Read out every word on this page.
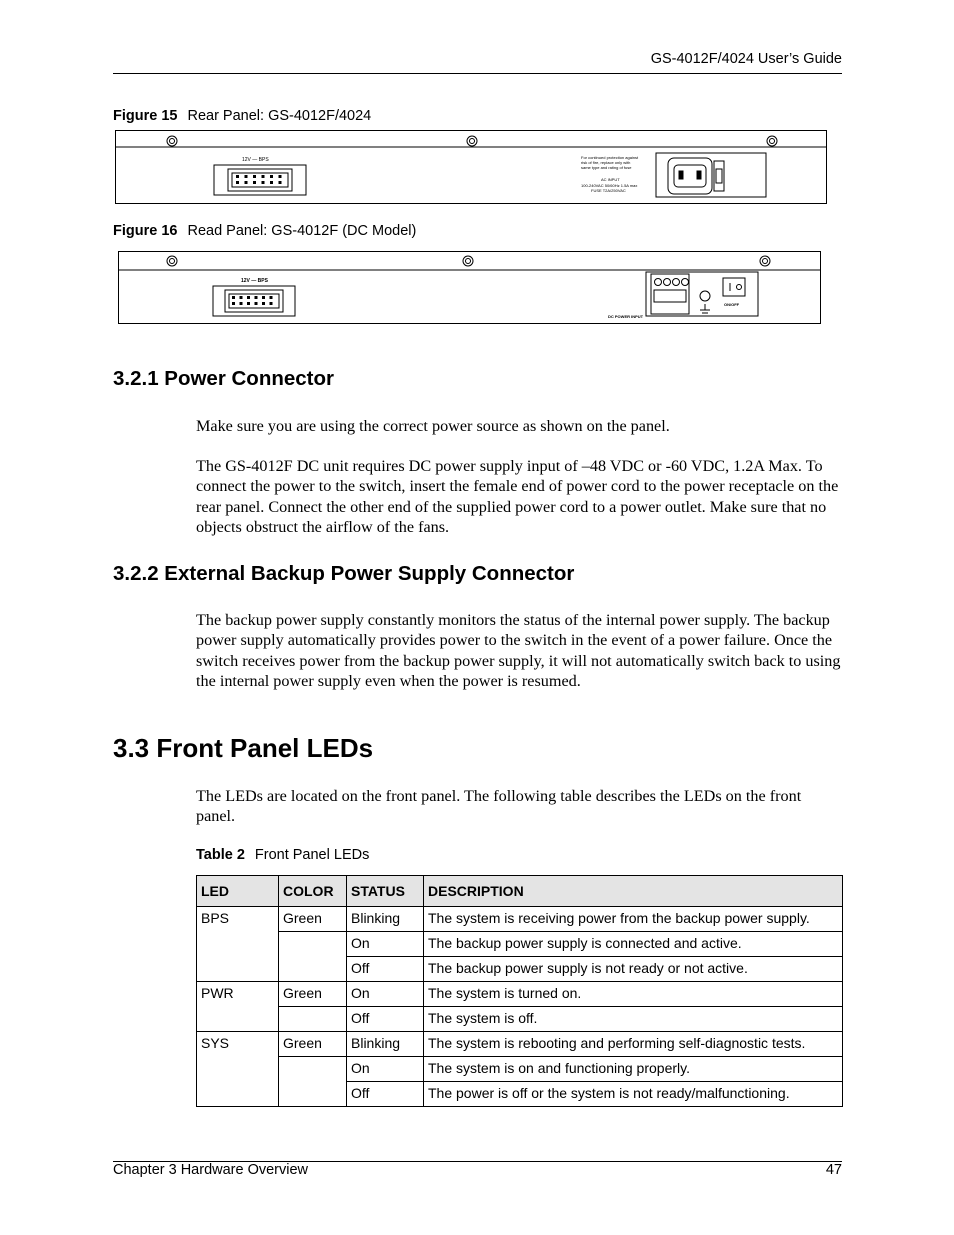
GS-4012F/4024 User’s Guide
Figure 15 Rear Panel: GS-4012F/4024
12V — BPS	For continued protection against
risk of fire, replace only with
same type and rating of fuse
AC INPUT
100-240VAC 50/60Hz 1.5A max
FUSE T2A/250VAC
Figure 16 Read Panel: GS-4012F (DC Model)
12V — BPS
DC POWER INPUT
ON/OFF
3.2.1 Power Connector
Make sure you are using the correct power source as shown on the panel.
The GS-4012F DC unit requires DC power supply input of –48 VDC or -60 VDC, 1.2A Max. To connect the power to the switch, insert the female end of power cord to the power receptacle on the rear panel. Connect the other end of the supplied power cord to a power outlet. Make sure that no objects obstruct the airflow of the fans.
3.2.2 External Backup Power Supply Connector
The backup power supply constantly monitors the status of the internal power supply. The backup power supply automatically provides power to the switch in the event of a power failure. Once the switch receives power from the backup power supply, it will not automatically switch back to using the internal power supply even when the power is resumed.
3.3 Front Panel LEDs
The LEDs are located on the front panel. The following table describes the LEDs on the front panel.
Table 2 Front Panel LEDs
LED	COLOR	STATUS	DESCRIPTION
BPS	Green	Blinking	The system is receiving power from the backup power supply.
		On	The backup power supply is connected and active.
		Off	The backup power supply is not ready or not active.
PWR	Green	On	The system is turned on.
		Off	The system is off.
SYS	Green	Blinking	The system is rebooting and performing self-diagnostic tests.
		On	The system is on and functioning properly.
		Off	The power is off or the system is not ready/malfunctioning.
Chapter 3 Hardware Overview	47
